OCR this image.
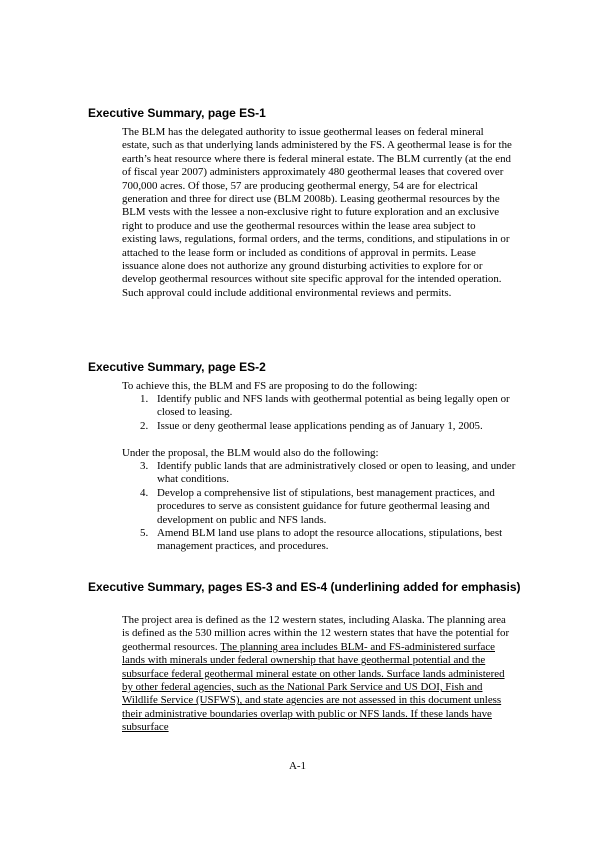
Executive Summary, page ES-1

The BLM has the delegated authority to issue geothermal leases on federal mineral estate, such as that underlying lands administered by the FS. A geothermal lease is for the earth’s heat resource where there is federal mineral estate. The BLM currently (at the end of fiscal year 2007) administers approximately 480 geothermal leases that covered over 700,000 acres. Of those, 57 are producing geothermal energy, 54 are for electrical generation and three for direct use (BLM 2008b). Leasing geothermal resources by the BLM vests with the lessee a non-exclusive right to future exploration and an exclusive right to produce and use the geothermal resources within the lease area subject to existing laws, regulations, formal orders, and the terms, conditions, and stipulations in or attached to the lease form or included as conditions of approval in permits. Lease issuance alone does not authorize any ground disturbing activities to explore for or develop geothermal resources without site specific approval for the intended operation. Such approval could include additional environmental reviews and permits.

Executive Summary, page ES-2

To achieve this, the BLM and FS are proposing to do the following:

1. Identify public and NFS lands with geothermal potential as being legally open or closed to leasing.
2. Issue or deny geothermal lease applications pending as of January 1, 2005.

Under the proposal, the BLM would also do the following:

3. Identify public lands that are administratively closed or open to leasing, and under what conditions.
4. Develop a comprehensive list of stipulations, best management practices, and procedures to serve as consistent guidance for future geothermal leasing and development on public and NFS lands.
5. Amend BLM land use plans to adopt the resource allocations, stipulations, best management practices, and procedures.
Executive Summary, pages ES-3 and ES-4 (underlining added for emphasis)

The project area is defined as the 12 western states, including Alaska. The planning area is defined as the 530 million acres within the 12 western states that have the potential for geothermal resources. The planning area includes BLM- and FS-administered surface lands with minerals under federal ownership that have geothermal potential and the subsurface federal geothermal mineral estate on other lands. Surface lands administered by other federal agencies, such as the National Park Service and US DOI, Fish and Wildlife Service (USFWS), and state agencies are not assessed in this document unless their administrative boundaries overlap with public or NFS lands. If these lands have subsurface

A-1
